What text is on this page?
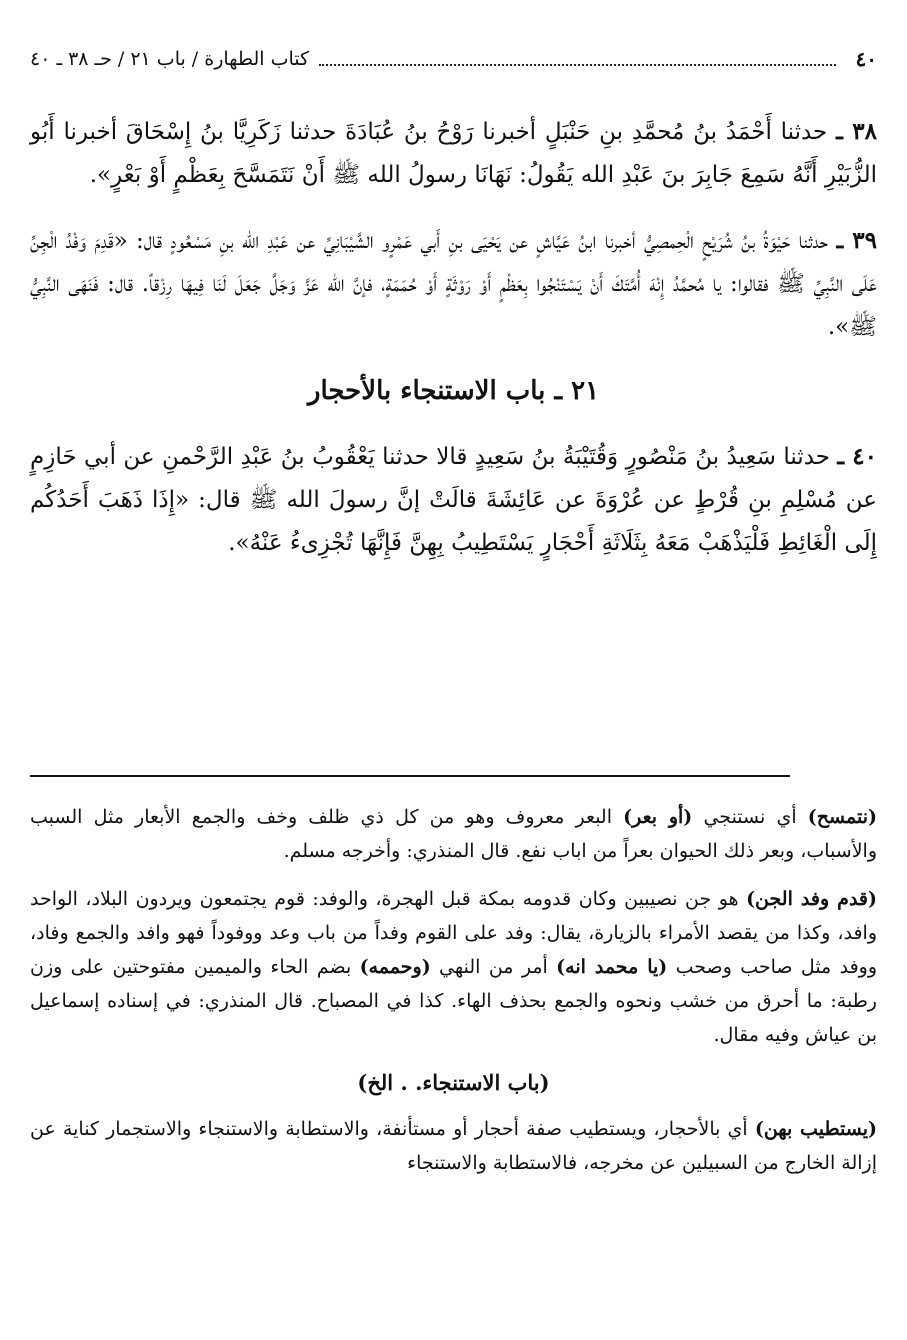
٤٠
كتاب الطهارة / باب ٢١ / حـ ٣٨ ـ ٤٠

٣٨ ـ حدثنا أَحْمَدُ بنُ مُحمَّدِ بنِ حَنْبَلٍ أخبرنا رَوْحُ بنُ عُبَادَةَ حدثنا زَكَرِيَّا بنُ إِسْحَاقَ أخبرنا أَبُو الزُّبَيْرِ أَنَّهُ سَمِعَ جَابِرَ بنَ عَبْدِ الله يَقُولُ: نَهَانَا رسولُ الله ﷺ أَنْ نَتَمَسَّحَ بِعَظْمٍ أَوْ بَعْرٍ».

٣٩ ـ حدثنا حَيْوَةُ بنُ شُرَيْحٍ الْحِمصِيُّ أخبرنا ابنُ عَيَّاشٍ عن يَحْيَى بنِ أَبي عَمْرٍو الشَّيْبَانِيِّ عن عَبْدِ الله بنِ مَسْعُودٍ قال: «قَدِمَ وَفْدُ الْجِنِّ عَلَى النَّبِيِّ ﷺ فقالوا: يا مُحمَّدُ إِنْهَ أُمَّتَكَ أَنْ يَسْتَنْجُوا بِعَظْمٍ أَوْ رَوْثَةٍ أَوْ حُمَمَةٍ، فإنَّ الله عَزَّ وَجَلَّ جَعَلَ لَنَا فِيهَا رِزْقاً. قال: فَنَهَى النَّبِيُّ ﷺ».

٢١ ـ باب الاستنجاء بالأحجار

٤٠ ـ حدثنا سَعِيدُ بنُ مَنْصُورٍ وَقُتَيْبَةُ بنُ سَعِيدٍ قالا حدثنا يَعْقُوبُ بنُ عَبْدِ الرَّحْمنِ عن أبي حَازِمٍ عن مُسْلِمِ بنِ قُرْطٍ عن عُرْوَةَ عن عَائِشَةَ قالَتْ إنَّ رسولَ الله ﷺ قال: «إِذَا ذَهَبَ أَحَدُكُم إِلَى الْغَائِطِ فَلْيَذْهَبْ مَعَهُ بِثَلَاثَةِ أَحْجَارٍ يَسْتَطِيبُ بِهِنَّ فَإِنَّهَا تُجْزِىءُ عَنْهُ».

(نتمسح) أي نستنجي (أو بعر) البعر معروف وهو من كل ذي ظلف وخف والجمع الأبعار مثل السبب والأسباب، وبعر ذلك الحيوان بعراً من اباب نفع. قال المنذري: وأخرجه مسلم.

(قدم وفد الجن) هو جن نصيبين وكان قدومه بمكة قبل الهجرة، والوفد: قوم يجتمعون ويردون البلاد، الواحد وافد، وكذا من يقصد الأمراء بالزيارة، يقال: وفد على القوم وفداً من باب وعد ووفوداً فهو وافد والجمع وفاد، ووفد مثل صاحب وصحب (يا محمد انه) أمر من النهي (وحممه) بضم الحاء والميمين مفتوحتين على وزن رطبة: ما أحرق من خشب ونحوه والجمع بحذف الهاء. كذا في المصباح. قال المنذري: في إسناده إسماعيل بن عياش وفيه مقال.

(باب الاستنجاء. . الخ)

(يستطيب بهن) أي بالأحجار، ويستطيب صفة أحجار أو مستأنفة، والاستطابة والاستنجاء والاستجمار كناية عن إزالة الخارج من السبيلين عن مخرجه، فالاستطابة والاستنجاء
